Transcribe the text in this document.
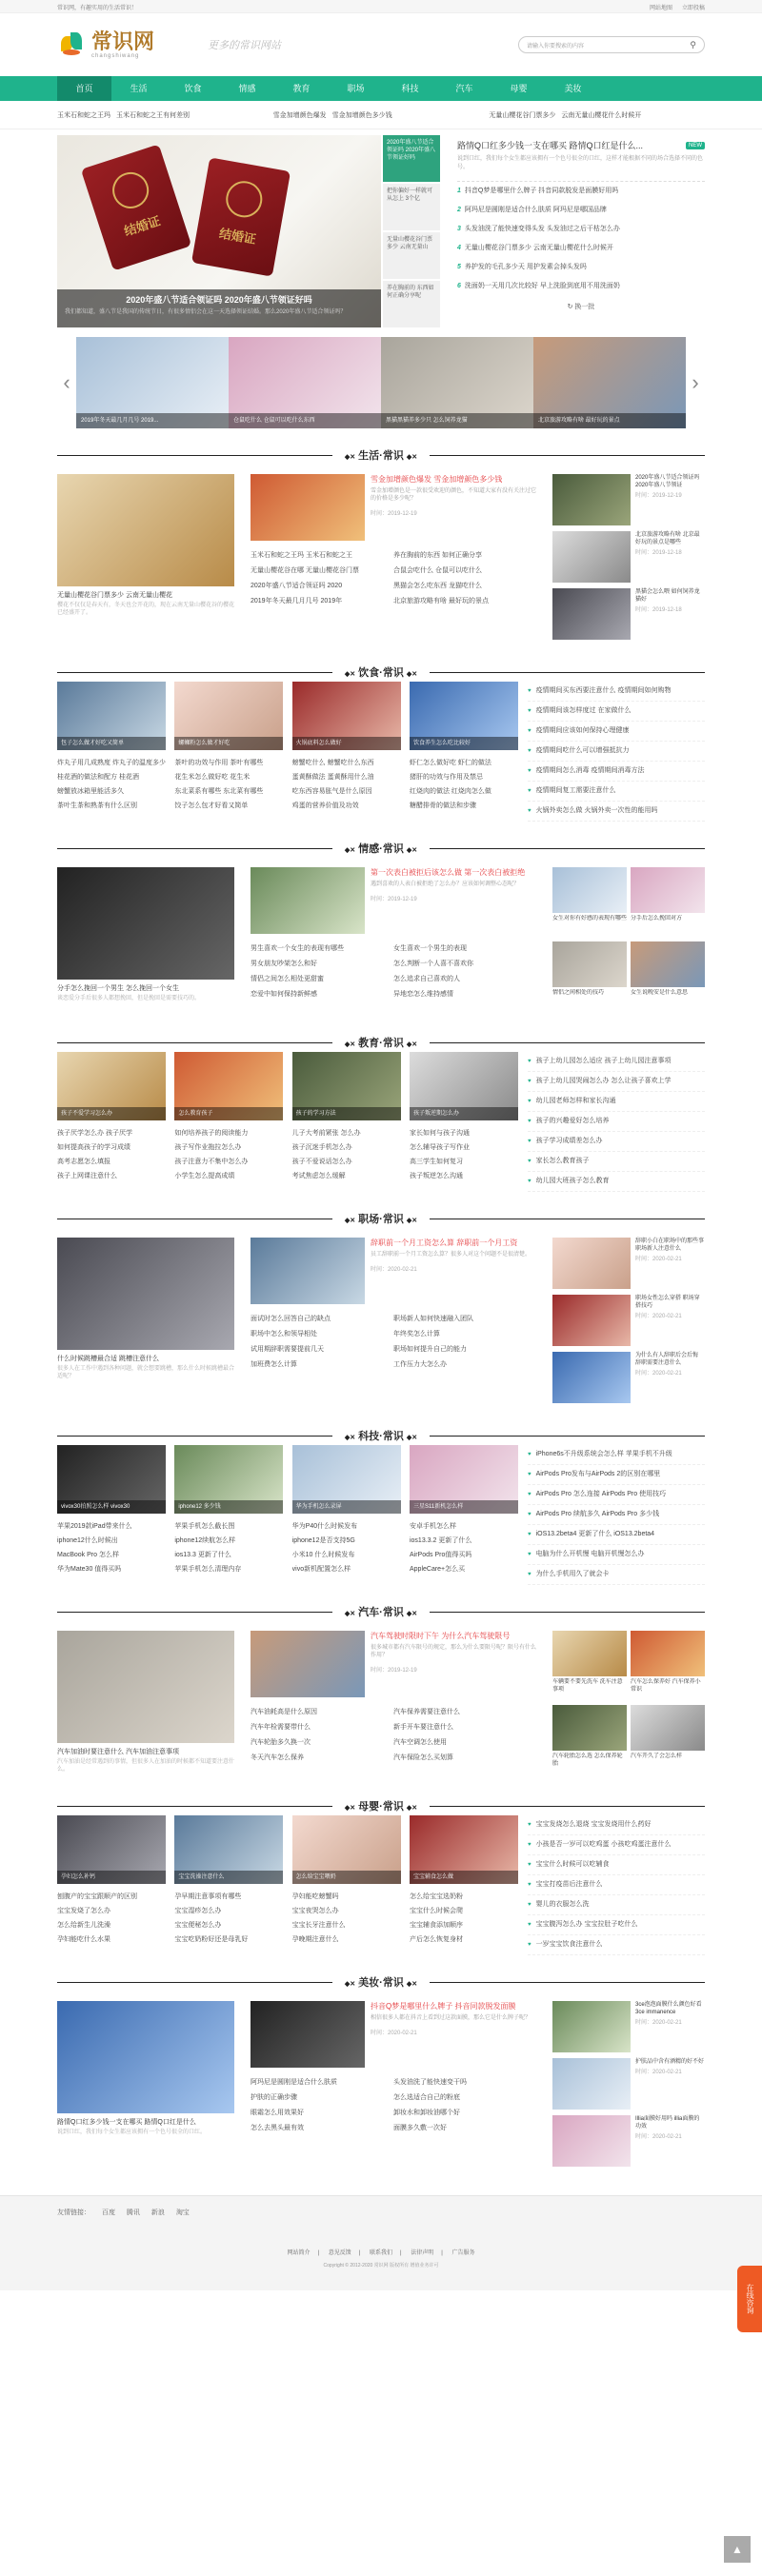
常识网，有趣实用的生活常识！	网站地图 立即投稿
常识网
changshiwang
更多的常识网站	请输入你要搜索的内容	⚲
首页	生活	饮食	情感	教育	职场	科技	汽车	母婴	美妆
玉米石和蛇之王玛 玉米石和蛇之王有何差别	雪金加增颜色爆发 雪金加增颜色多少钱	无量山樱花谷门票多少 云南无量山樱花什么时候开
结婚证	结婚证
2020年盛八节适合领证吗 2020年盛八节领证好吗
我们都知道，盛八节是我国的传统节日，有很多情侣会在这一天选择领证结婚。那么2020年盛八节适合领证吗？
2020年盛八节适合领证吗 2020年盛八节领证好吗
把你偏好一样就可从怎上 3个亿
无量山樱花谷门票多少 云南无量山
养在胸前的 东西如何正确分享呢
路情Q口红多少钱一支在哪买 路情Q口红是什么...	NEW
说到口红，我们每个女生都应该拥有一个色号很全的口红，这样才能根据不同的场合选择不同的色号。
1 抖音Q梦是哪里什么牌子 抖音同款脱发是面膜好用吗
2 阿玛尼是圆刚是适合什么肤质 阿玛尼是哪国品牌
3 头发油洗了能快速变得头发 头发油过之后干枯怎么办
4 无量山樱花谷门票多少 云南无量山樱花什么时候开
5 养护发的毛孔多少天 用护发素会掉头发吗
6 洗面奶一天用几次比较好 早上洗脸到底用不用洗面奶
↻ 换一批
‹
2019年冬天最几月几号 2019...	仓鼠吃什么 仓鼠可以吃什么东西	黑猫黑猫养多少只 怎么饲养龙猫	北京旅游攻略有啥 最好玩的景点
›
◆✕ 生活·常识 ◆✕
无量山樱花谷门票多少 云南无量山樱花
樱花不仅仅是春天有，冬天也会开花的，现在云南无量山樱花谷的樱花已经盛开了。
雪金加增颜色爆发 雪金加增颜色多少钱
雪金加增颜色是一款很受欢迎的颜色，不知道大家有没有关注过它的价格是多少呢？
时间：2019-12-19
玉米石和蛇之王玛 玉米石和蛇之王	养在胸前的东西 如何正确分享
无量山樱花谷在哪 无量山樱花谷门票	合鼠会吃什么 仓鼠可以吃什么
2020年盛八节适合领证吗 2020	黑猫会怎么吃东西 龙猫吃什么
2019年冬天最几月几号 2019年	北京旅游攻略有啥 最好玩的景点
2020年盛八节适合领证吗 2020年盛八节领证
时间：2019-12-19
北京旅游攻略有啥 北京最好玩的景点是哪些
时间：2019-12-18
黑猫会怎么喂 如何饲养龙猫好
时间：2019-12-18
◆✕ 饮食·常识 ◆✕
包子怎么做才好吃又简单	螺蛳粉怎么做才好吃	火锅底料怎么做好	饮食养生怎么吃比较好

炸丸子用几成熟度 炸丸子的温度多少

桂花酒的做法和配方 桂花酒

螃蟹放冰箱里能活多久

茶叶生茶和熟茶有什么区别

茶叶的功效与作用 茶叶有哪些

花生米怎么做好吃 花生米

东北菜系有哪些 东北菜有哪些

饺子怎么包才好看又简单

螃蟹吃什么 螃蟹吃什么东西

蛋黄酥做法 蛋黄酥用什么油

吃东西容易胀气是什么原因

鸡蛋的营养价值及功效

虾仁怎么做好吃 虾仁的做法

猪肝的功效与作用及禁忌

红烧肉的做法 红烧肉怎么做

糖醋排骨的做法和步骤

♥ 疫情期间买东西要注意什么 疫情期间如何购物
♥ 疫情期间该怎样度过 在家做什么
♥ 疫情期间应该如何保持心理健康
♥ 疫情期间吃什么可以增强抵抗力
♥ 疫情期间怎么消毒 疫情期间消毒方法
♥ 疫情期间复工需要注意什么
♥ 火锅外卖怎么做 火锅外卖一次性的能用吗
◆✕ 情感·常识 ◆✕
分手怎么挽回一个男生 怎么挽回一个女生
谈恋爱分手后很多人都想挽回，但是挽回是需要技巧的。
第一次表白被拒后该怎么做 第一次表白被拒绝
遇到喜欢的人表白被拒绝了怎么办？应该如何调整心态呢？
时间：2019-12-19
男生喜欢一个女生的表现有哪些	女生喜欢一个男生的表现
男女朋友吵架怎么和好	怎么判断一个人喜不喜欢你
情侣之间怎么相处更甜蜜	怎么追求自己喜欢的人
恋爱中如何保持新鲜感	异地恋怎么维持感情

女生对你有好感的表现有哪些 分手后怎么挽回对方

情侣之间相处的技巧	女生说晚安是什么意思

◆✕ 教育·常识 ◆✕
孩子不爱学习怎么办	怎么教育孩子	孩子的学习方法	孩子叛逆期怎么办

孩子厌学怎么办 孩子厌学

如何提高孩子的学习成绩

高考志愿怎么填报

孩子上网课注意什么

如何培养孩子的阅读能力

孩子写作业拖拉怎么办

孩子注意力不集中怎么办

小学生怎么提高成绩

儿子大考前紧张 怎么办

孩子沉迷手机怎么办

孩子不爱说话怎么办

考试焦虑怎么缓解

家长如何与孩子沟通

怎么辅导孩子写作业

高三学生如何复习

孩子叛逆怎么沟通

♥ 孩子上幼儿园怎么适应 孩子上幼儿园注意事项
♥ 孩子上幼儿园哭闹怎么办 怎么让孩子喜欢上学
♥ 幼儿园老师怎样和家长沟通
♥ 孩子的兴趣爱好怎么培养
♥ 孩子学习成绩差怎么办
♥ 家长怎么教育孩子
♥ 幼儿园大班孩子怎么教育
◆✕ 职场·常识 ◆✕
什么时候跳槽最合适 跳槽注意什么
很多人在工作中遇到各种问题，就会想要跳槽，那么什么时候跳槽最合适呢？
辞职前一个月工资怎么算 辞职前一个月工资
员工辞职前一个月工资怎么算？很多人对这个问题不是很清楚。
时间：2020-02-21
面试时怎么回答自己的缺点	职场新人如何快速融入团队
职场中怎么和领导相处	年终奖怎么计算
试用期辞职需要提前几天	职场如何提升自己的能力
加班费怎么计算	工作压力大怎么办
辞职小白在职场中的那些事 职场新人注意什么
时间：2020-02-21
职场女性怎么穿搭 职场穿搭技巧
时间：2020-02-21
为什么有人辞职后会后悔 辞职需要注意什么
时间：2020-02-21
◆✕ 科技·常识 ◆✕
vivox30拍照怎么样 vivox30	iphone12 多少钱	华为手机怎么录屏	三星S11新机怎么样

苹果2019款iPad带来什么

iphone12什么时候出

MacBook Pro 怎么样

华为Mate30 值得买吗

苹果手机怎么截长图

iphone12续航怎么样

ios13.3 更新了什么

苹果手机怎么清理内存

华为P40什么时候发布

iphone12是否支持5G

小米10 什么时候发布

vivo新机配置怎么样

安卓手机怎么样

ios13.3.2 更新了什么

AirPods Pro值得买吗

AppleCare+怎么买

♥ iPhone6s不升级系统会怎么样 苹果手机不升级
♥ AirPods Pro发布与AirPods 2的区别在哪里
♥ AirPods Pro 怎么连接 AirPods Pro 使用技巧
♥ AirPods Pro 续航多久 AirPods Pro 多少钱
♥ iOS13.2beta4 更新了什么 iOS13.2beta4
♥ 电脑为什么开机慢 电脑开机慢怎么办
♥ 为什么手机用久了就会卡
◆✕ 汽车·常识 ◆✕
汽车加油时要注意什么 汽车加油注意事项
汽车加油是经常遇到的事情，但很多人在加油的时候都不知道要注意什么。
汽车驾驶时限时下午 为什么汽车驾驶限号
很多城市都有汽车限号的规定，那么为什么要限号呢？限号有什么作用？
时间：2019-12-19
汽车油耗高是什么原因	汽车保养需要注意什么
汽车年检需要带什么	新手开车要注意什么
汽车轮胎多久换一次	汽车空调怎么使用
冬天汽车怎么保养	汽车保险怎么买划算

车辆要不要先洗车 洗车注意事项

汽车怎么保养好 汽车保养小常识

汽车轮胎怎么选 怎么保养轮胎

汽车开久了会怎么样

◆✕ 母婴·常识 ◆✕
孕妇怎么补钙	宝宝洗澡注意什么	怎么给宝宝喂奶	宝宝辅食怎么做

刨腹产的宝宝跟顺产的区别

宝宝发烧了怎么办

怎么给新生儿洗澡

孕妇能吃什么水果

孕早期注意事项有哪些

宝宝湿疹怎么办

宝宝便秘怎么办

宝宝吃奶粉好还是母乳好

孕妇能吃螃蟹吗

宝宝夜哭怎么办

宝宝长牙注意什么

孕晚期注意什么

怎么给宝宝选奶粉

宝宝什么时候会爬

宝宝辅食添加顺序

产后怎么恢复身材

♥ 宝宝发烧怎么退烧 宝宝发烧用什么药好
♥ 小孩是否一岁可以吃鸡蛋 小孩吃鸡蛋注意什么
♥ 宝宝什么时候可以吃辅食
♥ 宝宝打疫苗后注意什么
♥ 婴儿的衣服怎么洗
♥ 宝宝腹泻怎么办 宝宝拉肚子吃什么
♥ 一岁宝宝饮食注意什么
◆✕ 美妆·常识 ◆✕
路情Q口红多少钱一支在哪买 路情Q口红是什么
说到口红，我们每个女生都应该拥有一个色号很全的口红。
抖音Q梦是哪里什么牌子 抖音同款脱发面膜
相信很多人都在抖音上看到过这款面膜，那么它是什么牌子呢？
时间：2020-02-21
阿玛尼是圆刚是适合什么肤质	头发油洗了能快速变干吗
护肤的正确步骤	怎么选适合自己的粉底
眼霜怎么用效果好	卸妆水和卸妆油哪个好
怎么去黑头最有效	面膜多久敷一次好
3ce泡泡面膜什么颜色好看 3ce immanence
时间：2020-02-21
护肤品中含有酒精的好不好
时间：2020-02-21
Illia面膜好用吗 illia面膜的功效
时间：2020-02-21
友情链接： 百度 腾讯 新浪 淘宝
网站简介 | 意见反馈 | 联系我们 | 法律声明 | 广告服务
Copyright © 2012-2020 常识网 版权所有 增值业务许可
在线咨询
▲
